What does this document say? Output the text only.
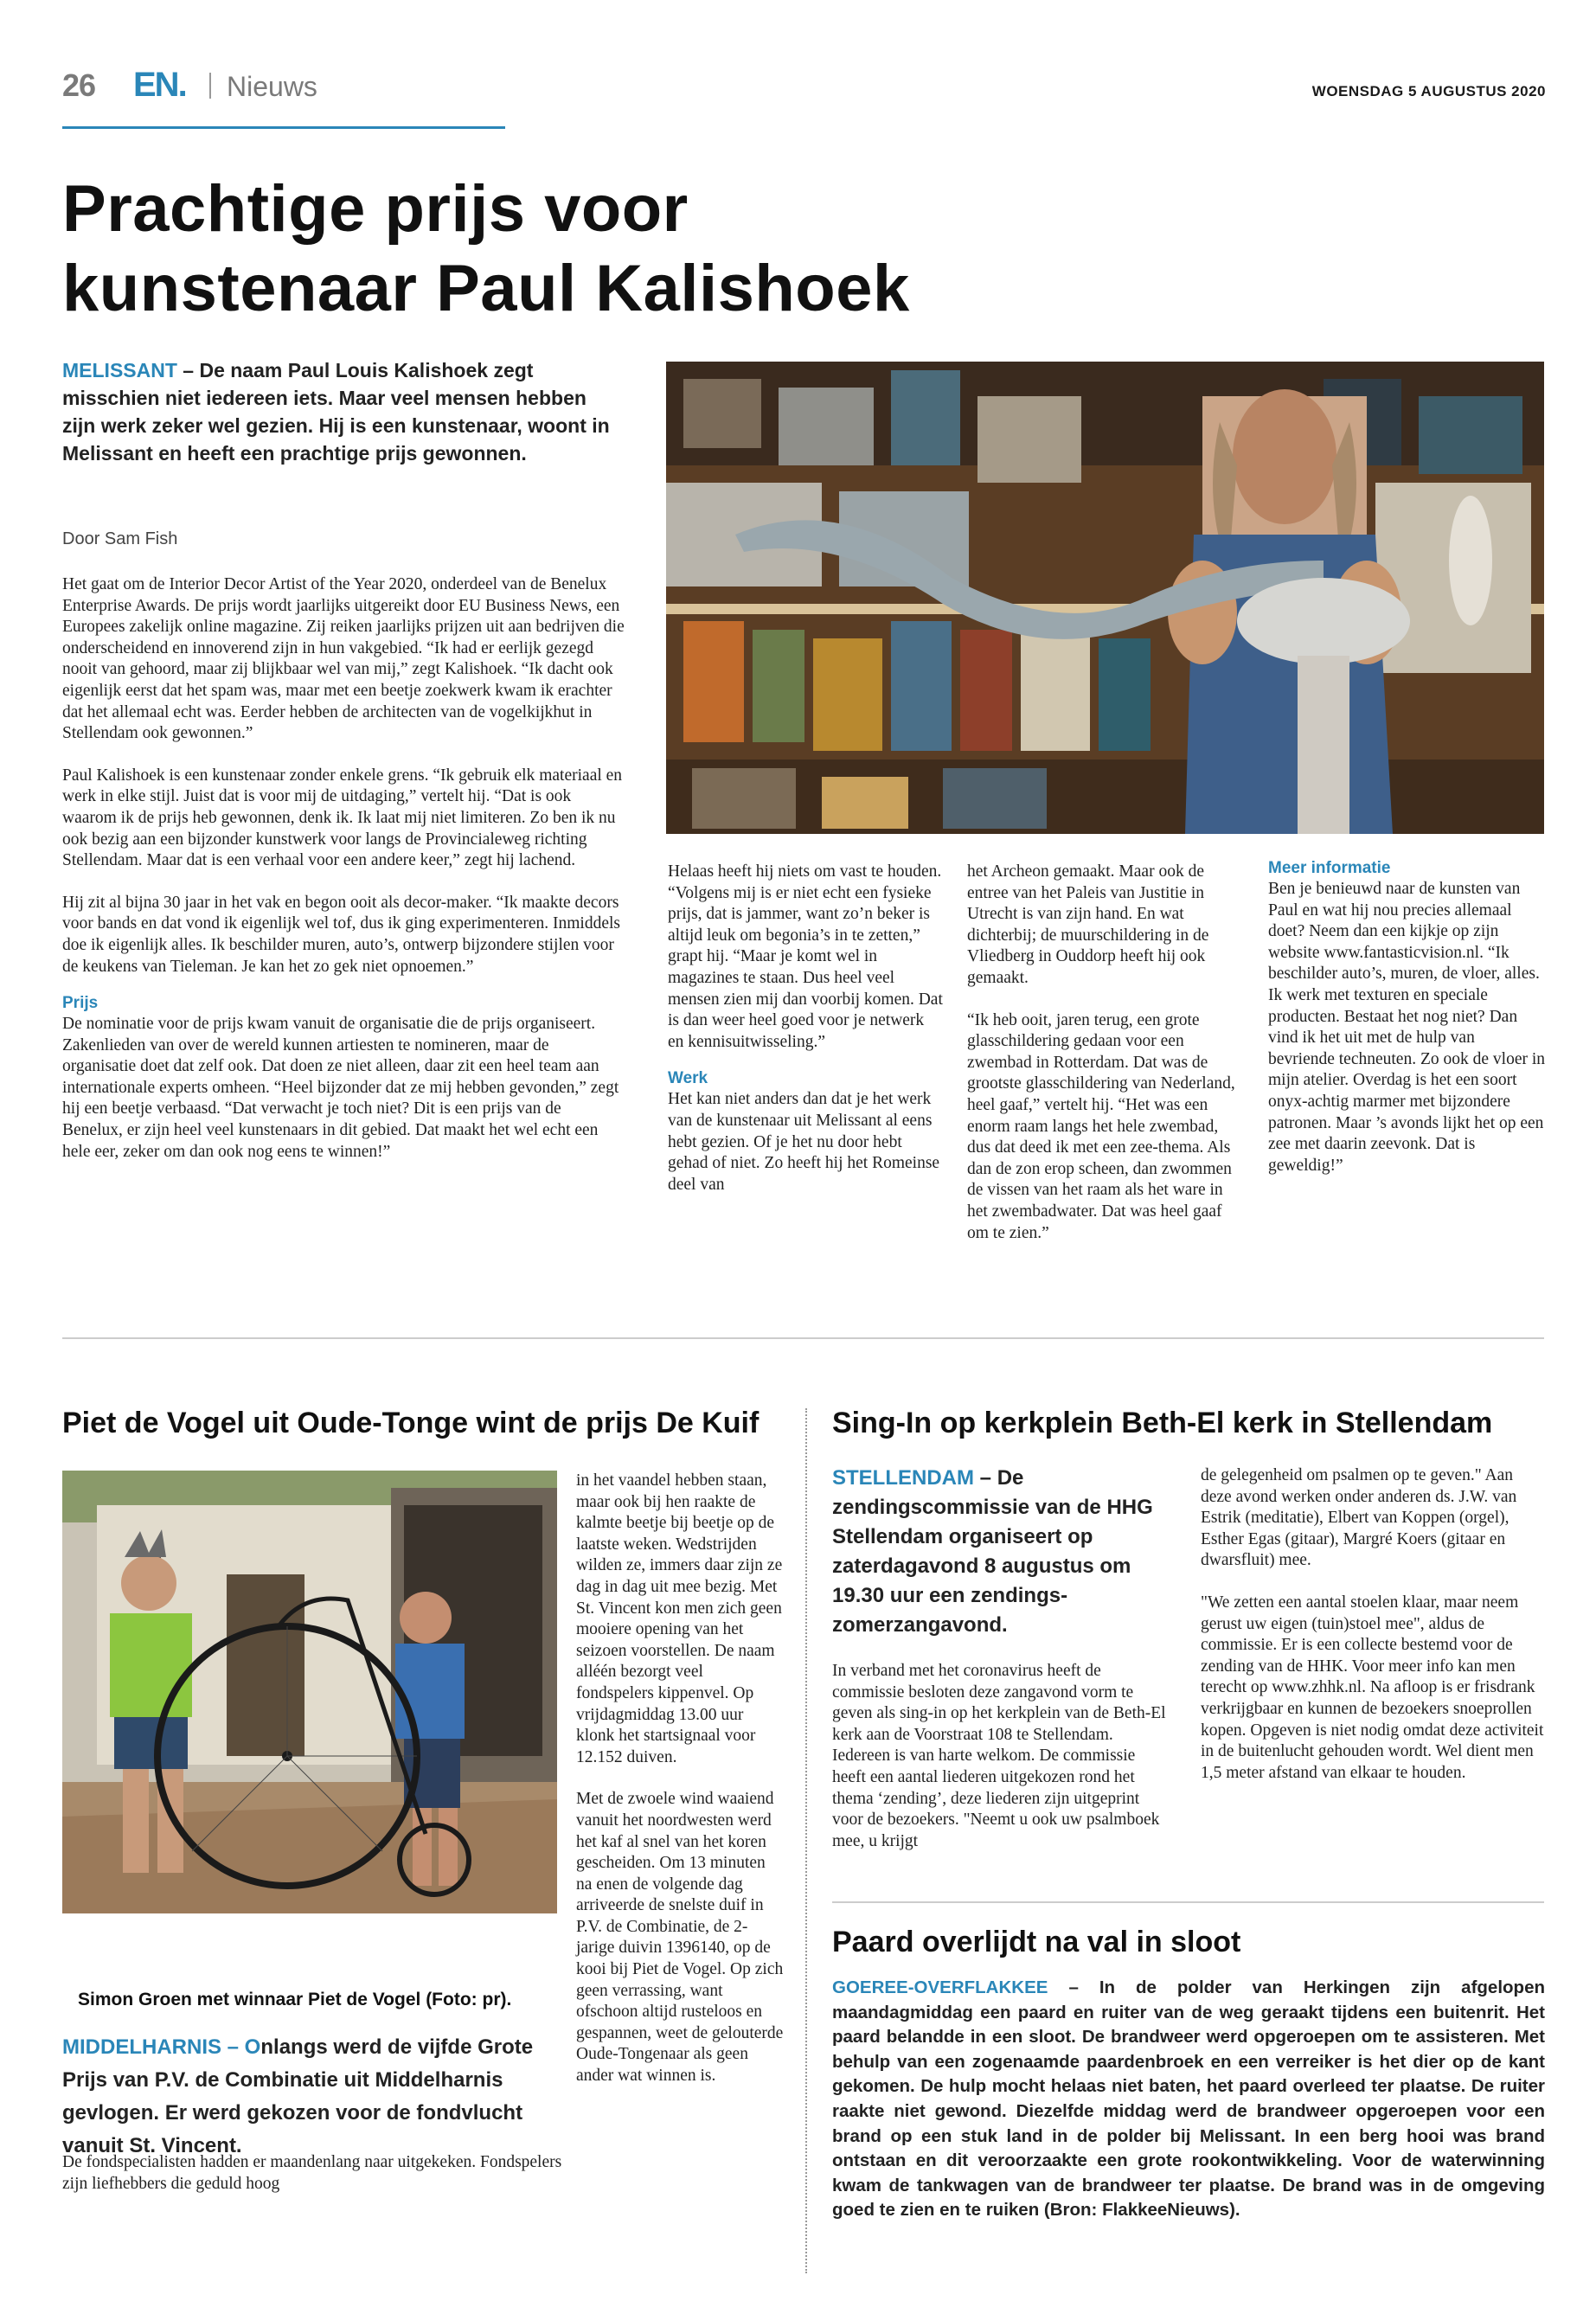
26 EN. Nieuws	WOENSDAG 5 AUGUSTUS 2020
Prachtige prijs voor
kunstenaar Paul Kalishoek
MELISSANT – De naam Paul Louis Kalishoek zegt misschien niet iedereen iets. Maar veel mensen hebben zijn werk zeker wel gezien. Hij is een kunstenaar, woont in Melissant en heeft een prachtige prijs gewonnen.
Door Sam Fish

Het gaat om de Interior Decor Artist of the Year 2020, onderdeel van de Benelux Enterprise Awards. De prijs wordt jaarlijks uitgereikt door EU Business News, een Europees zakelijk online magazine. Zij reiken jaarlijks prijzen uit aan bedrijven die onderscheidend en innoverend zijn in hun vakgebied. “Ik had er eerlijk gezegd nooit van gehoord, maar zij blijkbaar wel van mij,” zegt Kalishoek. “Ik dacht ook eigenlijk eerst dat het spam was, maar met een beetje zoekwerk kwam ik erachter dat het allemaal echt was. Eerder hebben de architecten van de vogelkijkhut in Stellendam ook gewonnen.”

Paul Kalishoek is een kunstenaar zonder enkele grens. “Ik gebruik elk materiaal en werk in elke stijl. Juist dat is voor mij de uitdaging,” vertelt hij. “Dat is ook waarom ik de prijs heb gewonnen, denk ik. Ik laat mij niet limiteren. Zo ben ik nu ook bezig aan een bijzonder kunstwerk voor langs de Provincialeweg richting Stellendam. Maar dat is een verhaal voor een andere keer,” zegt hij lachend.

Hij zit al bijna 30 jaar in het vak en begon ooit als decor-maker. “Ik maakte decors voor bands en dat vond ik eigenlijk wel tof, dus ik ging experimenteren. Inmiddels doe ik eigenlijk alles. Ik beschilder muren, auto’s, ontwerp bijzondere stijlen voor de keukens van Tieleman. Je kan het zo gek niet opnoemen.”

Prijs

De nominatie voor de prijs kwam vanuit de organisatie die de prijs organiseert. Zakenlieden van over de wereld kunnen artiesten te nomineren, maar de organisatie doet dat zelf ook. Dat doen ze niet alleen, daar zit een heel team aan internationale experts omheen. “Heel bijzonder dat ze mij hebben gevonden,” zegt hij een beetje verbaasd. “Dat verwacht je toch niet? Dit is een prijs van de Benelux, er zijn heel veel kunstenaars in dit gebied. Dat maakt het wel echt een hele eer, zeker om dan ook nog eens te winnen!”

Helaas heeft hij niets om vast te houden. “Volgens mij is er niet echt een fysieke prijs, dat is jammer, want zo’n beker is altijd leuk om begonia’s in te zetten,” grapt hij. “Maar je komt wel in magazines te staan. Dus heel veel mensen zien mij dan voorbij komen. Dat is dan weer heel goed voor je netwerk en kennisuitwisseling.”

Werk

Het kan niet anders dan dat je het werk van de kunstenaar uit Melissant al eens hebt gezien. Of je het nu door hebt gehad of niet. Zo heeft hij het Romeinse deel van

het Archeon gemaakt. Maar ook de entree van het Paleis van Justitie in Utrecht is van zijn hand. En wat dichterbij; de muurschildering in de Vliedberg in Ouddorp heeft hij ook gemaakt.

“Ik heb ooit, jaren terug, een grote glasschildering gedaan voor een zwembad in Rotterdam. Dat was de grootste glasschildering van Nederland, heel gaaf,” vertelt hij. “Het was een enorm raam langs het hele zwembad, dus dat deed ik met een zee-thema. Als dan de zon erop scheen, dan zwommen de vissen van het raam als het ware in het zwembadwater. Dat was heel gaaf om te zien.”

Meer informatie

Ben je benieuwd naar de kunsten van Paul en wat hij nou precies allemaal doet? Neem dan een kijkje op zijn website www.fantasticvision.nl. “Ik beschilder auto’s, muren, de vloer, alles. Ik werk met texturen en speciale producten. Bestaat het nog niet? Dan vind ik het uit met de hulp van bevriende techneuten. Zo ook de vloer in mijn atelier. Overdag is het een soort onyx-achtig marmer met bijzondere patronen. Maar ’s avonds lijkt het op een zee met daarin zeevonk. Dat is geweldig!”

Piet de Vogel uit Oude-Tonge wint de prijs De Kuif
Simon Groen met winnaar Piet de Vogel (Foto: pr).
MIDDELHARNIS – Onlangs werd de vijfde Grote Prijs van P.V. de Combinatie uit Middelharnis gevlogen. Er werd gekozen voor de fondvlucht vanuit St. Vincent.

De fondspecialisten hadden er maandenlang naar uitgekeken. Fondspelers zijn liefhebbers die geduld hoog

in het vaandel hebben staan, maar ook bij hen raakte de kalmte beetje bij beetje op de laatste weken. Wedstrijden wilden ze, immers daar zijn ze dag in dag uit mee bezig. Met St. Vincent kon men zich geen mooiere opening van het seizoen voorstellen. De naam alléén bezorgt veel fondspelers kippenvel. Op vrijdagmiddag 13.00 uur klonk het startsignaal voor 12.152 duiven.

Met de zwoele wind waaiend vanuit het noordwesten werd het kaf al snel van het koren gescheiden. Om 13 minuten na enen de volgende dag arriveerde de snelste duif in P.V. de Combinatie, de 2-jarige duivin 1396140, op de kooi bij Piet de Vogel. Op zich geen verrassing, want ofschoon altijd rusteloos en gespannen, weet de gelouterde Oude-Tongenaar als geen ander wat winnen is.

Sing-In op kerkplein Beth-El kerk in Stellendam
STELLENDAM – De zendingscommissie van de HHG Stellendam organiseert op zaterdagavond 8 augustus om 19.30 uur een zendings-zomerzangavond.

In verband met het coronavirus heeft de commissie besloten deze zangavond vorm te geven als sing-in op het kerkplein van de Beth-El kerk aan de Voorstraat 108 te Stellendam. Iedereen is van harte welkom. De commissie heeft een aantal liederen uitgekozen rond het thema ‘zending’, deze liederen zijn uitgeprint voor de bezoekers. "Neemt u ook uw psalmboek mee, u krijgt

de gelegenheid om psalmen op te geven." Aan deze avond werken onder anderen ds. J.W. van Estrik (meditatie), Elbert van Koppen (orgel), Esther Egas (gitaar), Margré Koers (gitaar en dwarsfluit) mee.

"We zetten een aantal stoelen klaar, maar neem gerust uw eigen (tuin)stoel mee", aldus de commissie. Er is een collecte bestemd voor de zending van de HHK. Voor meer info kan men terecht op www.zhhk.nl. Na afloop is er frisdrank verkrijgbaar en kunnen de bezoekers snoeprollen kopen. Opgeven is niet nodig omdat deze activiteit in de buitenlucht gehouden wordt. Wel dient men 1,5 meter afstand van elkaar te houden.

Paard overlijdt na val in sloot
GOEREE-OVERFLAKKEE – In de polder van Herkingen zijn afgelopen maandagmiddag een paard en ruiter van de weg geraakt tijdens een buitenrit. Het paard belandde in een sloot. De brandweer werd opgeroepen om te assisteren. Met behulp van een zogenaamde paardenbroek en een verreiker is het dier op de kant gekomen. De hulp mocht helaas niet baten, het paard overleed ter plaatse. De ruiter raakte niet gewond. Diezelfde middag werd de brandweer opgeroepen voor een brand op een stuk land in de polder bij Melissant. In een berg hooi was brand ontstaan en dit veroorzaakte een grote rookontwikkeling. Voor de waterwinning kwam de tankwagen van de brandweer ter plaatse. De brand was in de omgeving goed te zien en te ruiken (Bron: FlakkeeNieuws).
